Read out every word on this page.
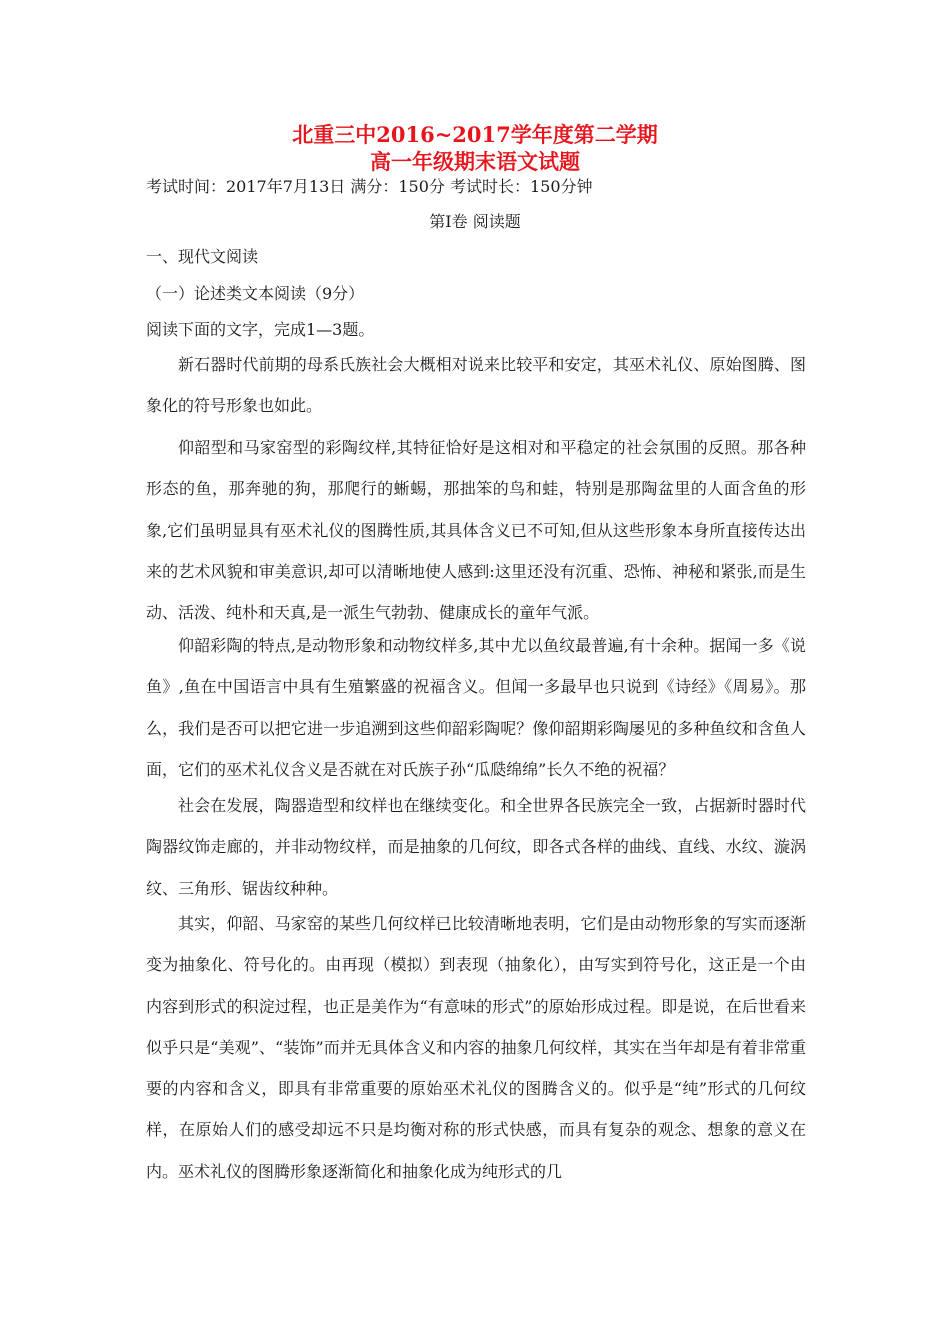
北重三中2016~2017学年度第二学期
高一年级期末语文试题
考试时间：2017年7月13日 满分：150分 考试时长：150分钟
第Ⅰ卷 阅读题
一、现代文阅读
（一）论述类文本阅读（9分）
阅读下面的文字，完成1—3题。

新石器时代前期的母系氏族社会大概相对说来比较平和安定，其巫术礼仪、原始图腾、图象化的符号形象也如此。

仰韶型和马家窑型的彩陶纹样,其特征恰好是这相对和平稳定的社会氛围的反照。那各种形态的鱼，那奔驰的狗，那爬行的蜥蜴，那拙笨的鸟和蛙，特别是那陶盆里的人面含鱼的形象,它们虽明显具有巫术礼仪的图腾性质,其具体含义已不可知,但从这些形象本身所直接传达出来的艺术风貌和审美意识,却可以清晰地使人感到:这里还没有沉重、恐怖、神秘和紧张,而是生动、活泼、纯朴和天真,是一派生气勃勃、健康成长的童年气派。

仰韶彩陶的特点,是动物形象和动物纹样多,其中尤以鱼纹最普遍,有十余种。据闻一多《说鱼》,鱼在中国语言中具有生殖繁盛的祝福含义。但闻一多最早也只说到《诗经》《周易》。那么，我们是否可以把它进一步追溯到这些仰韶彩陶呢？像仰韶期彩陶屡见的多种鱼纹和含鱼人面，它们的巫术礼仪含义是否就在对氏族子孙“瓜瓞绵绵”长久不绝的祝福？

社会在发展，陶器造型和纹样也在继续变化。和全世界各民族完全一致，占据新时器时代陶器纹饰走廊的，并非动物纹样，而是抽象的几何纹，即各式各样的曲线、直线、水纹、漩涡纹、三角形、锯齿纹种种。

其实，仰韶、马家窑的某些几何纹样已比较清晰地表明，它们是由动物形象的写实而逐渐变为抽象化、符号化的。由再现（模拟）到表现（抽象化），由写实到符号化，这正是一个由内容到形式的积淀过程，也正是美作为“有意味的形式”的原始形成过程。即是说，在后世看来似乎只是“美观”、“装饰”而并无具体含义和内容的抽象几何纹样，其实在当年却是有着非常重要的内容和含义，即具有非常重要的原始巫术礼仪的图腾含义的。似乎是“纯”形式的几何纹样，在原始人们的感受却远不只是均衡对称的形式快感，而具有复杂的观念、想象的意义在内。巫术礼仪的图腾形象逐渐简化和抽象化成为纯形式的几
